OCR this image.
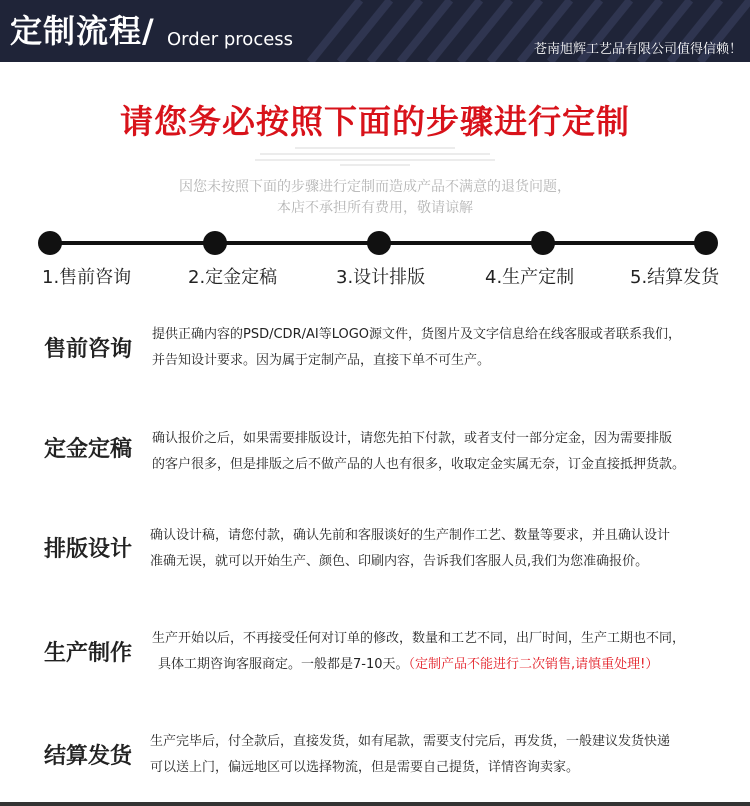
定制流程/ Order process	苍南旭辉工艺品有限公司值得信赖！
请您务必按照下面的步骤进行定制
因您未按照下面的步骤进行定制而造成产品不满意的退货问题，
本店不承担所有费用，敬请谅解
1.售前咨询	2.定金定稿	3.设计排版	4.生产定制	5.结算发货
售前咨询
提供正确内容的PSD/CDR/AI等LOGO源文件，货图片及文字信息给在线客服或者联系我们，
并告知设计要求。因为属于定制产品，直接下单不可生产。
定金定稿 确认报价之后，如果需要排版设计，请您先拍下付款，或者支付一部分定金，因为需要排版
的客户很多，但是排版之后不做产品的人也有很多，收取定金实属无奈，订金直接抵押货款。
排版设计
确认设计稿，请您付款，确认先前和客服谈好的生产制作工艺、数量等要求，并且确认设计
准确无误，就可以开始生产、颜色、印刷内容，告诉我们客服人员,我们为您准确报价。
生产制作
生产开始以后，不再接受任何对订单的修改，数量和工艺不同，出厂时间，生产工期也不同，
具体工期咨询客服商定。一般都是7-10天。（定制产品不能进行二次销售,请慎重处理!）
结算发货
生产完毕后，付全款后，直接发货，如有尾款，需要支付完后，再发货，一般建议发货快递
可以送上门，偏远地区可以选择物流，但是需要自己提货，详情咨询卖家。
